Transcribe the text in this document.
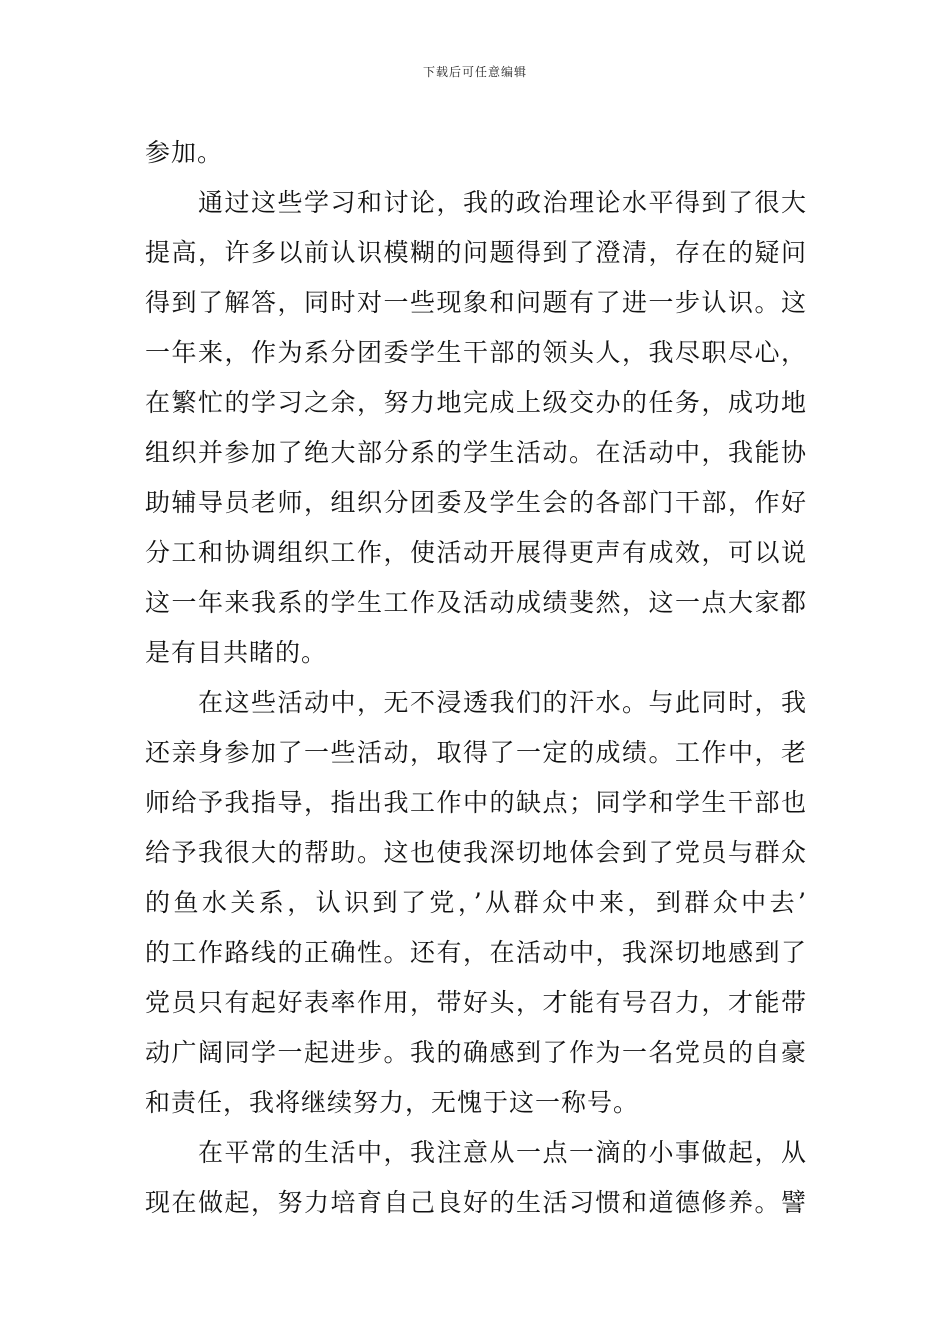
下载后可任意编辑
参加。
通过这些学习和讨论，我的政治理论水平得到了很大
提高，许多以前认识模糊的问题得到了澄清，存在的疑问
得到了解答，同时对一些现象和问题有了进一步认识。这
一年来，作为系分团委学生干部的领头人，我尽职尽心，
在繁忙的学习之余，努力地完成上级交办的任务，成功地
组织并参加了绝大部分系的学生活动。在活动中，我能协
助辅导员老师，组织分团委及学生会的各部门干部，作好
分工和协调组织工作，使活动开展得更声有成效，可以说
这一年来我系的学生工作及活动成绩斐然，这一点大家都
是有目共睹的。
在这些活动中，无不浸透我们的汗水。与此同时，我
还亲身参加了一些活动，取得了一定的成绩。工作中，老
师给予我指导，指出我工作中的缺点；同学和学生干部也
给予我很大的帮助。这也使我深切地体会到了党员与群众
的鱼水关系，认识到了党，’从群众中来，到群众中去’
的工作路线的正确性。还有，在活动中，我深切地感到了
党员只有起好表率作用，带好头，才能有号召力，才能带
动广阔同学一起进步。我的确感到了作为一名党员的自豪
和责任，我将继续努力，无愧于这一称号。
在平常的生活中，我注意从一点一滴的小事做起，从
现在做起，努力培育自己良好的生活习惯和道德修养。譬
